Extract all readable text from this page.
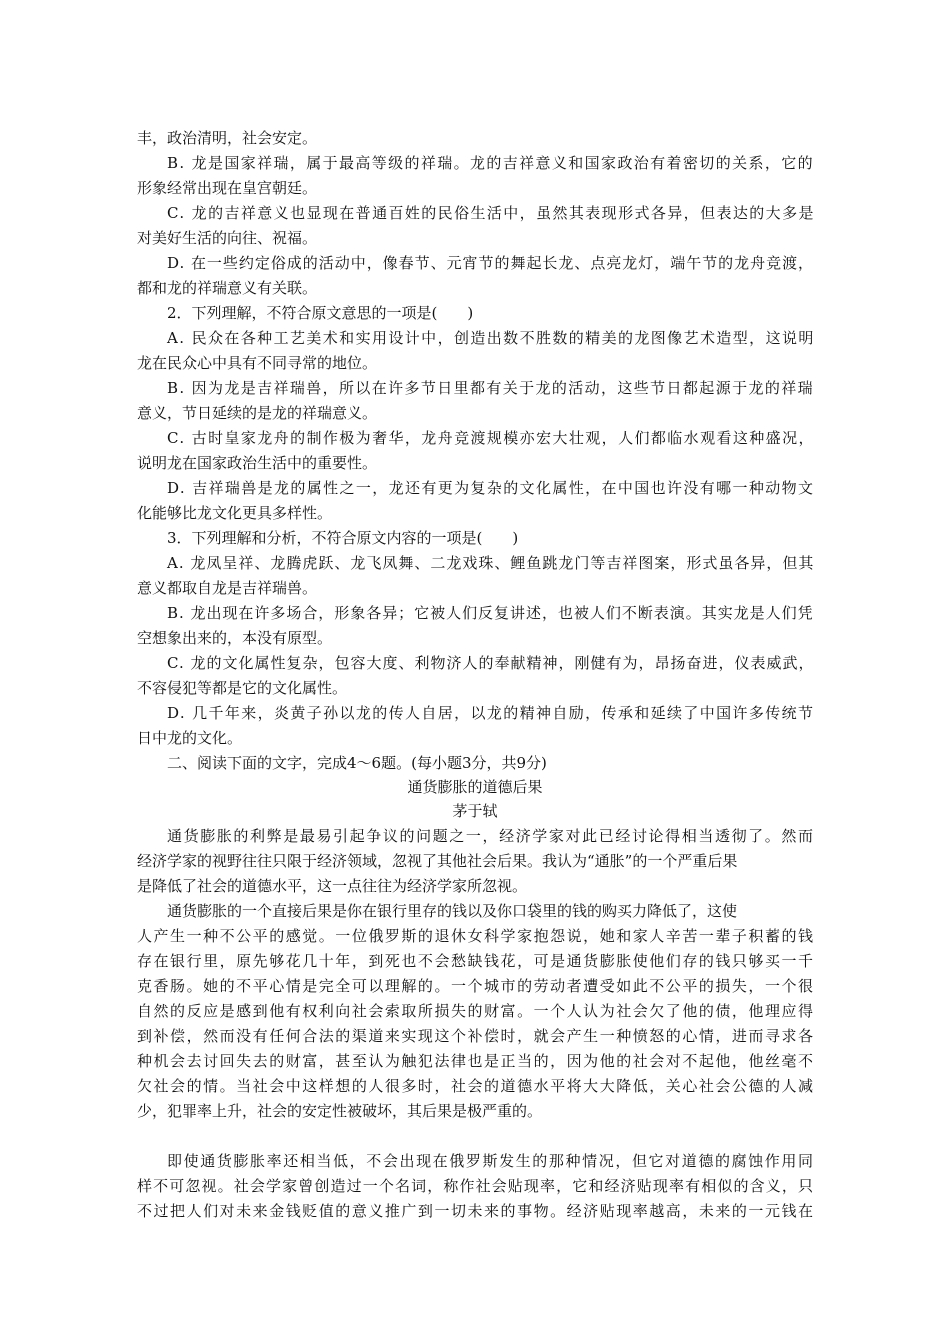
丰，政治清明，社会安定。
B. 龙是国家祥瑞，属于最高等级的祥瑞。龙的吉祥意义和国家政治有着密切的关系，它的
形象经常出现在皇宫朝廷。
C. 龙的吉祥意义也显现在普通百姓的民俗生活中，虽然其表现形式各异，但表达的大多是
对美好生活的向往、祝福。
D. 在一些约定俗成的活动中，像春节、元宵节的舞起长龙、点亮龙灯，端午节的龙舟竞渡，
都和龙的祥瑞意义有关联。
2．下列理解，不符合原文意思的一项是(　　)
A. 民众在各种工艺美术和实用设计中，创造出数不胜数的精美的龙图像艺术造型，这说明
龙在民众心中具有不同寻常的地位。
B. 因为龙是吉祥瑞兽，所以在许多节日里都有关于龙的活动，这些节日都起源于龙的祥瑞
意义，节日延续的是龙的祥瑞意义。
C. 古时皇家龙舟的制作极为奢华，龙舟竞渡规模亦宏大壮观，人们都临水观看这种盛况，
说明龙在国家政治生活中的重要性。
D. 吉祥瑞兽是龙的属性之一，龙还有更为复杂的文化属性，在中国也许没有哪一种动物文
化能够比龙文化更具多样性。
3．下列理解和分析，不符合原文内容的一项是(　　)
A. 龙凤呈祥、龙腾虎跃、龙飞凤舞、二龙戏珠、鲤鱼跳龙门等吉祥图案，形式虽各异，但其
意义都取自龙是吉祥瑞兽。
B. 龙出现在许多场合，形象各异；它被人们反复讲述，也被人们不断表演。其实龙是人们凭
空想象出来的，本没有原型。
C. 龙的文化属性复杂，包容大度、利物济人的奉献精神，刚健有为，昂扬奋进，仪表威武，
不容侵犯等都是它的文化属性。
D. 几千年来，炎黄子孙以龙的传人自居，以龙的精神自励，传承和延续了中国许多传统节
日中龙的文化。
二、阅读下面的文字，完成4～6题。(每小题3分，共9分)
通货膨胀的道德后果
茅于轼
通货膨胀的利弊是最易引起争议的问题之一，经济学家对此已经讨论得相当透彻了。然而
经济学家的视野往往只限于经济领域，忽视了其他社会后果。我认为“通胀”的一个严重后果
是降低了社会的道德水平，这一点往往为经济学家所忽视。
通货膨胀的一个直接后果是你在银行里存的钱以及你口袋里的钱的购买力降低了，这使
人产生一种不公平的感觉。一位俄罗斯的退休女科学家抱怨说，她和家人辛苦一辈子积蓄的钱
存在银行里，原先够花几十年，到死也不会愁缺钱花，可是通货膨胀使他们存的钱只够买一千
克香肠。她的不平心情是完全可以理解的。一个城市的劳动者遭受如此不公平的损失，一个很
自然的反应是感到他有权利向社会索取所损失的财富。一个人认为社会欠了他的债，他理应得
到补偿，然而没有任何合法的渠道来实现这个补偿时，就会产生一种愤怒的心情，进而寻求各
种机会去讨回失去的财富，甚至认为触犯法律也是正当的，因为他的社会对不起他，他丝毫不
欠社会的情。当社会中这样想的人很多时，社会的道德水平将大大降低，关心社会公德的人减
少，犯罪率上升，社会的安定性被破坏，其后果是极严重的。
即使通货膨胀率还相当低，不会出现在俄罗斯发生的那种情况，但它对道德的腐蚀作用同
样不可忽视。社会学家曾创造过一个名词，称作社会贴现率，它和经济贴现率有相似的含义，只
不过把人们对未来金钱贬值的意义推广到一切未来的事物。经济贴现率越高，未来的一元钱在
